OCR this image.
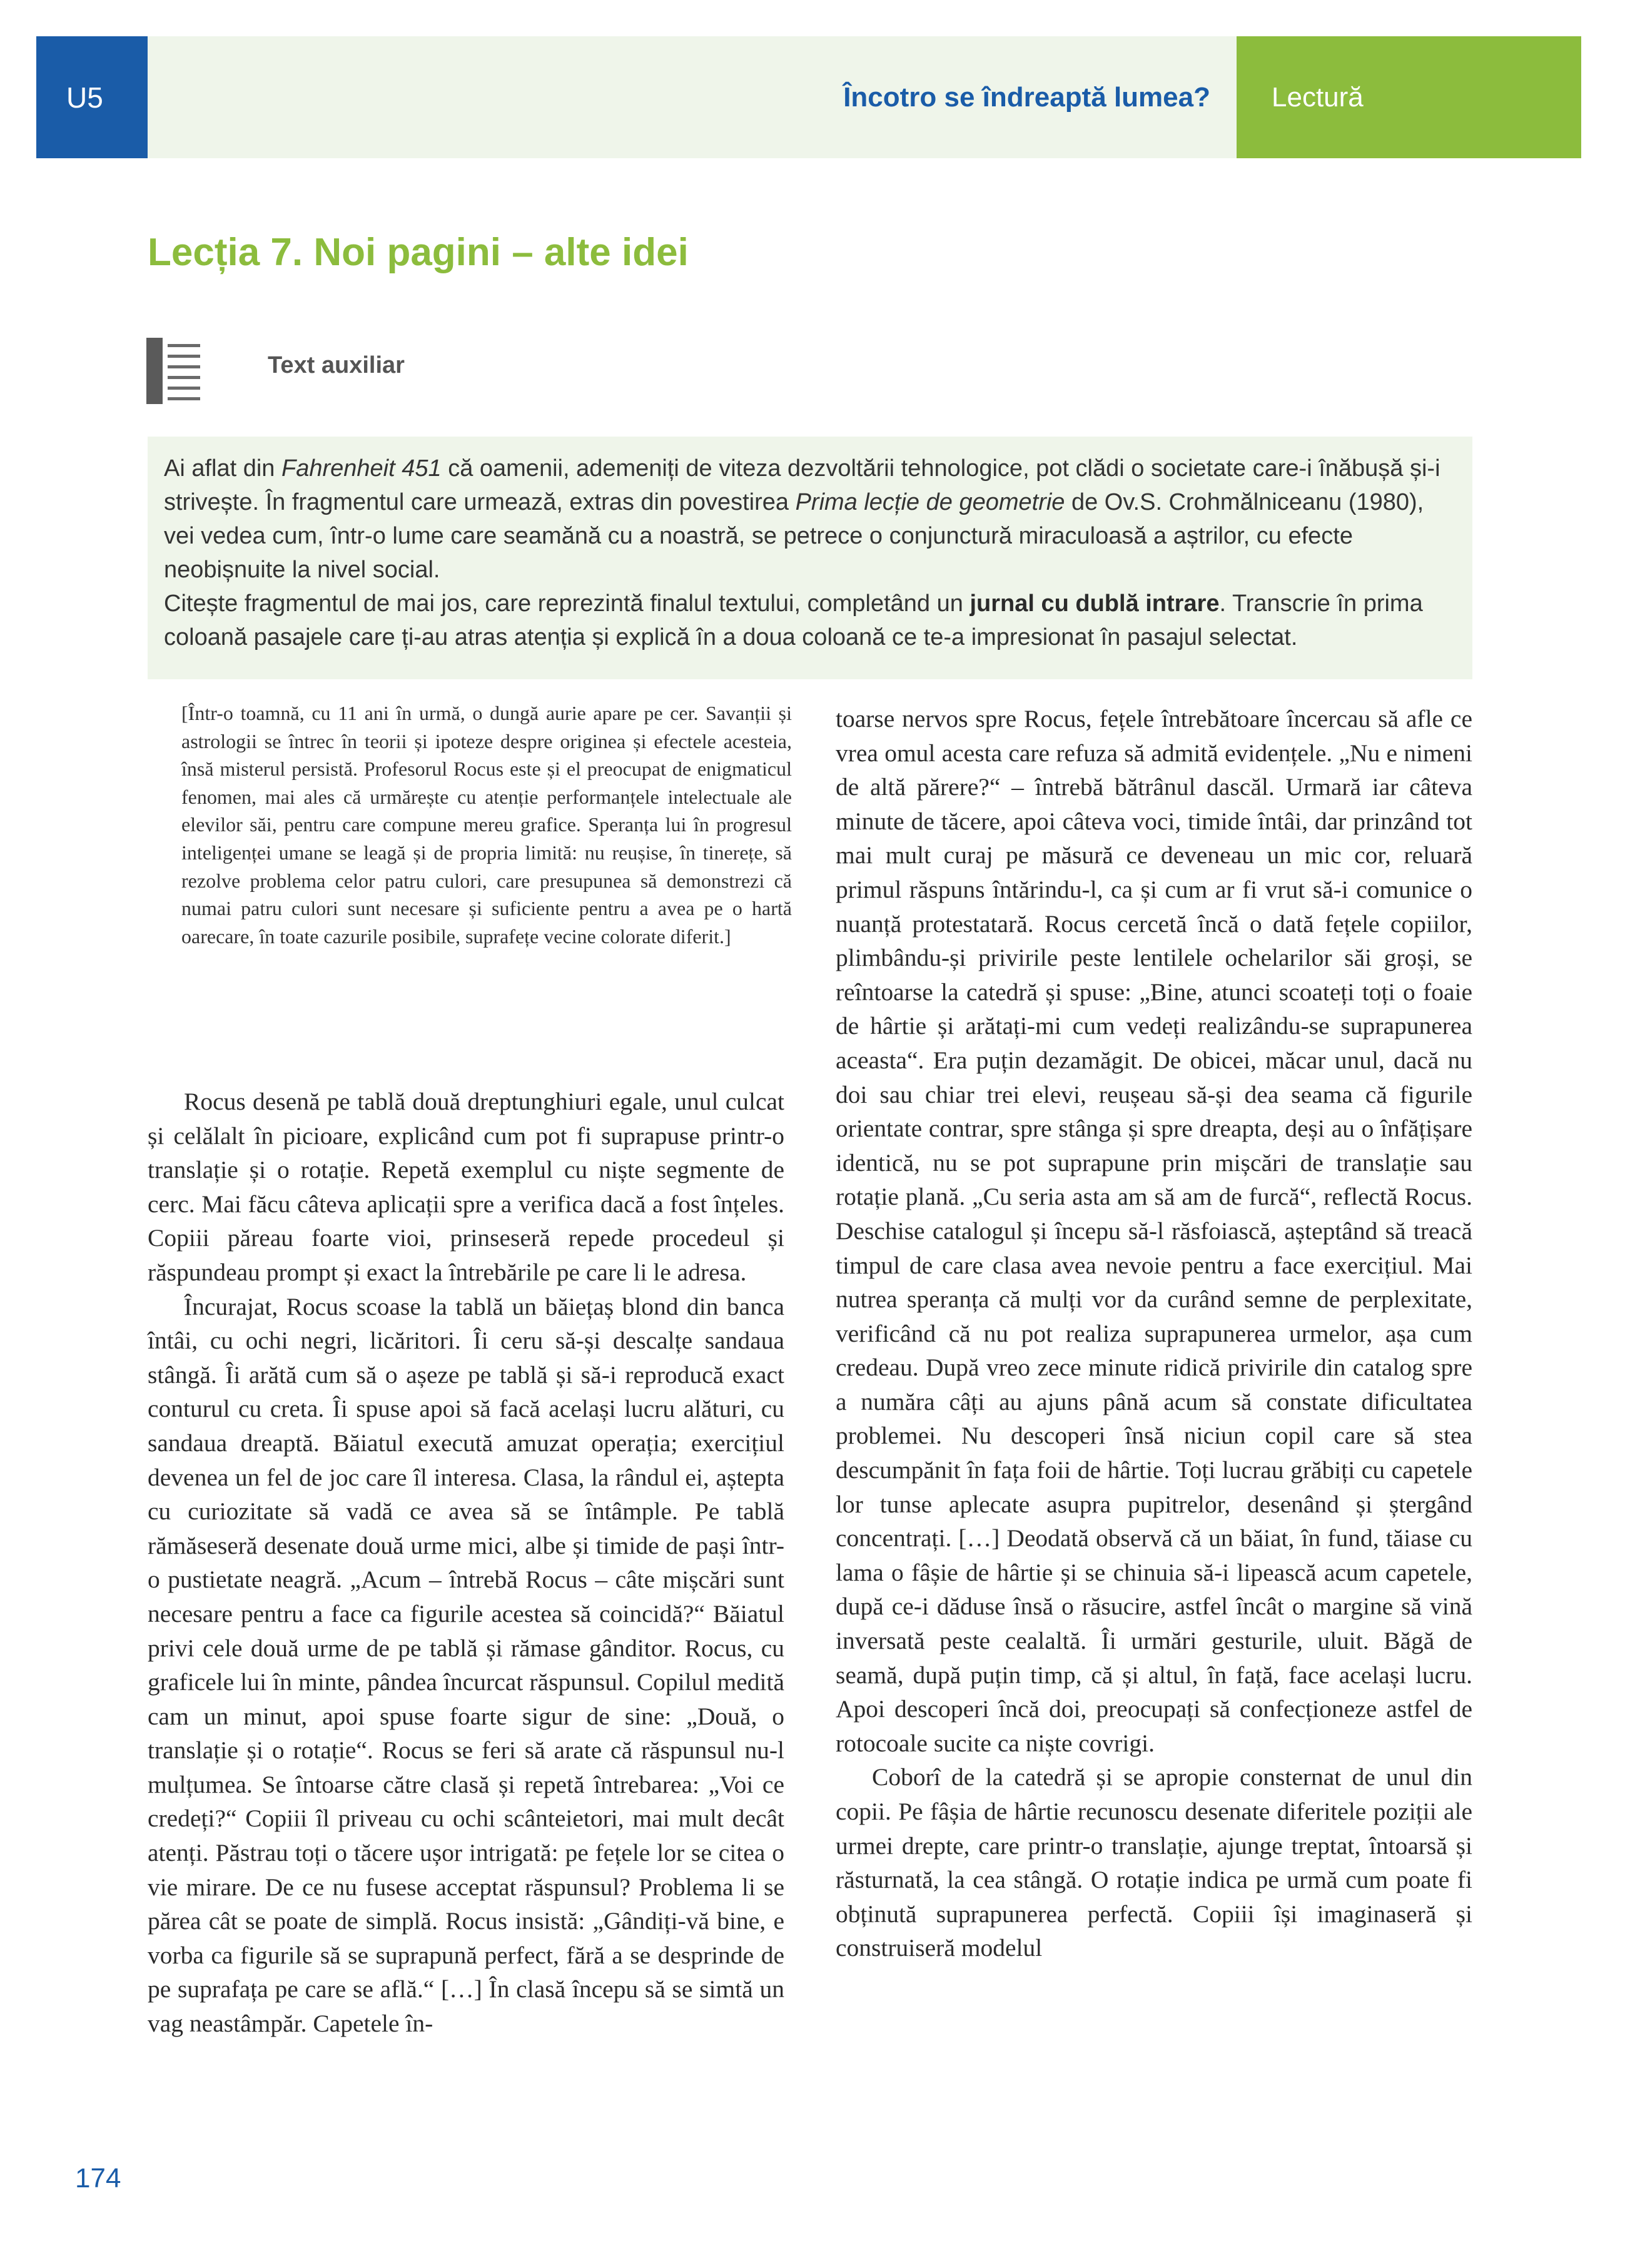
U5	Încotro se îndreaptă lumea? Lectură
Lecția 7. Noi pagini – alte idei
Text auxiliar

Ai aflat din Fahrenheit 451 că oamenii, ademeniți de viteza dezvoltării tehnologice, pot clădi o societate care-i înăbușă și-i strivește. În fragmentul care urmează, extras din povestirea Prima lecție de geometrie de Ov.S. Crohmălniceanu (1980), vei vedea cum, într-o lume care seamănă cu a noastră, se petrece o conjunctură miraculoasă a aștrilor, cu efecte neobișnuite la nivel social.

Citește fragmentul de mai jos, care reprezintă finalul textului, completând un jurnal cu dublă intrare. Transcrie în prima coloană pasajele care ți-au atras atenția și explică în a doua coloană ce te-a impresionat în pasajul selectat.

[Într-o toamnă, cu 11 ani în urmă, o dungă aurie apare pe cer. Savanții și astrologii se întrec în teorii și ipoteze despre originea și efectele acesteia, însă misterul persistă. Profesorul Rocus este și el preocupat de enigmaticul fenomen, mai ales că urmărește cu atenție performanțele intelectuale ale elevilor săi, pentru care compune mereu grafice. Speranța lui în progresul inteligenței umane se leagă și de propria limită: nu reușise, în tinerețe, să rezolve problema celor patru culori, care presupunea să demonstrezi că numai patru culori sunt necesare și suficiente pentru a avea pe o hartă oarecare, în toate cazurile posibile, suprafețe vecine colorate diferit.]

Rocus desenă pe tablă două dreptunghiuri egale, unul culcat și celălalt în picioare, explicând cum pot fi suprapuse printr-o translație și o rotație. Repetă exemplul cu niște segmente de cerc. Mai făcu câteva aplicații spre a verifica dacă a fost înțeles. Copiii păreau foarte vioi, prinseseră repede procedeul și răspundeau prompt și exact la întrebările pe care li le adresa.

Încurajat, Rocus scoase la tablă un băiețaș blond din banca întâi, cu ochi negri, licăritori. Îi ceru să-și descalțe sandaua stângă. Îi arătă cum să o așeze pe tablă și să-i reproducă exact conturul cu creta. Îi spuse apoi să facă același lucru alături, cu sandaua dreaptă. Băiatul execută amuzat operația; exercițiul devenea un fel de joc care îl interesa. Clasa, la rândul ei, aștepta cu curiozitate să vadă ce avea să se întâmple. Pe tablă rămăseseră desenate două urme mici, albe și timide de pași într-o pustietate neagră. „Acum – întrebă Rocus – câte mișcări sunt necesare pentru a face ca figurile acestea să coincidă?“ Băiatul privi cele două urme de pe tablă și rămase gânditor. Rocus, cu graficele lui în minte, pândea încurcat răspunsul. Copilul medită cam un minut, apoi spuse foarte sigur de sine: „Două, o translație și o rotație“. Rocus se feri să arate că răspunsul nu-l mulțumea. Se întoarse către clasă și repetă întrebarea: „Voi ce credeți?“ Copiii îl priveau cu ochi scânteietori, mai mult decât atenți. Păstrau toți o tăcere ușor intrigată: pe fețele lor se citea o vie mirare. De ce nu fusese acceptat răspunsul? Problema li se părea cât se poate de simplă. Rocus insistă: „Gândiți-vă bine, e vorba ca figurile să se suprapună perfect, fără a se desprinde de pe suprafața pe care se află.“ […] În clasă începu să se simtă un vag neastâmpăr. Capetele în-

toarse nervos spre Rocus, fețele întrebătoare încercau să afle ce vrea omul acesta care refuza să admită evidențele. „Nu e nimeni de altă părere?“ – întrebă bătrânul dascăl. Urmară iar câteva minute de tăcere, apoi câteva voci, timide întâi, dar prinzând tot mai mult curaj pe măsură ce deveneau un mic cor, reluară primul răspuns întărindu-l, ca și cum ar fi vrut să-i comunice o nuanță protestatară. Rocus cercetă încă o dată fețele copiilor, plimbându-și privirile peste lentilele ochelarilor săi groși, se reîntoarse la catedră și spuse: „Bine, atunci scoateți toți o foaie de hârtie și arătați-mi cum vedeți realizându-se suprapunerea aceasta“. Era puțin dezamăgit. De obicei, măcar unul, dacă nu doi sau chiar trei elevi, reușeau să-și dea seama că figurile orientate contrar, spre stânga și spre dreapta, deși au o înfățișare identică, nu se pot suprapune prin mișcări de translație sau rotație plană. „Cu seria asta am să am de furcă“, reflectă Rocus. Deschise catalogul și începu să-l răsfoiască, așteptând să treacă timpul de care clasa avea nevoie pentru a face exercițiul. Mai nutrea speranța că mulți vor da curând semne de perplexitate, verificând că nu pot realiza suprapunerea urmelor, așa cum credeau. După vreo zece minute ridică privirile din catalog spre a număra câți au ajuns până acum să constate dificultatea problemei. Nu descoperi însă niciun copil care să stea descumpănit în fața foii de hârtie. Toți lucrau grăbiți cu capetele lor tunse aplecate asupra pupitrelor, desenând și ștergând concentrați. […] Deodată observă că un băiat, în fund, tăiase cu lama o fâșie de hârtie și se chinuia să-i lipească acum capetele, după ce-i dăduse însă o răsucire, astfel încât o margine să vină inversată peste cealaltă. Îi urmări gesturile, uluit. Băgă de seamă, după puțin timp, că și altul, în față, face același lucru. Apoi descoperi încă doi, preocupați să confecționeze astfel de rotocoale sucite ca niște covrigi.

Coborî de la catedră și se apropie consternat de unul din copii. Pe fâșia de hârtie recunoscu desenate diferitele poziții ale urmei drepte, care printr-o translație, ajunge treptat, întoarsă și răsturnată, la cea stângă. O rotație indica pe urmă cum poate fi obținută suprapunerea perfectă. Copiii își imaginaseră și construiseră modelul

174
